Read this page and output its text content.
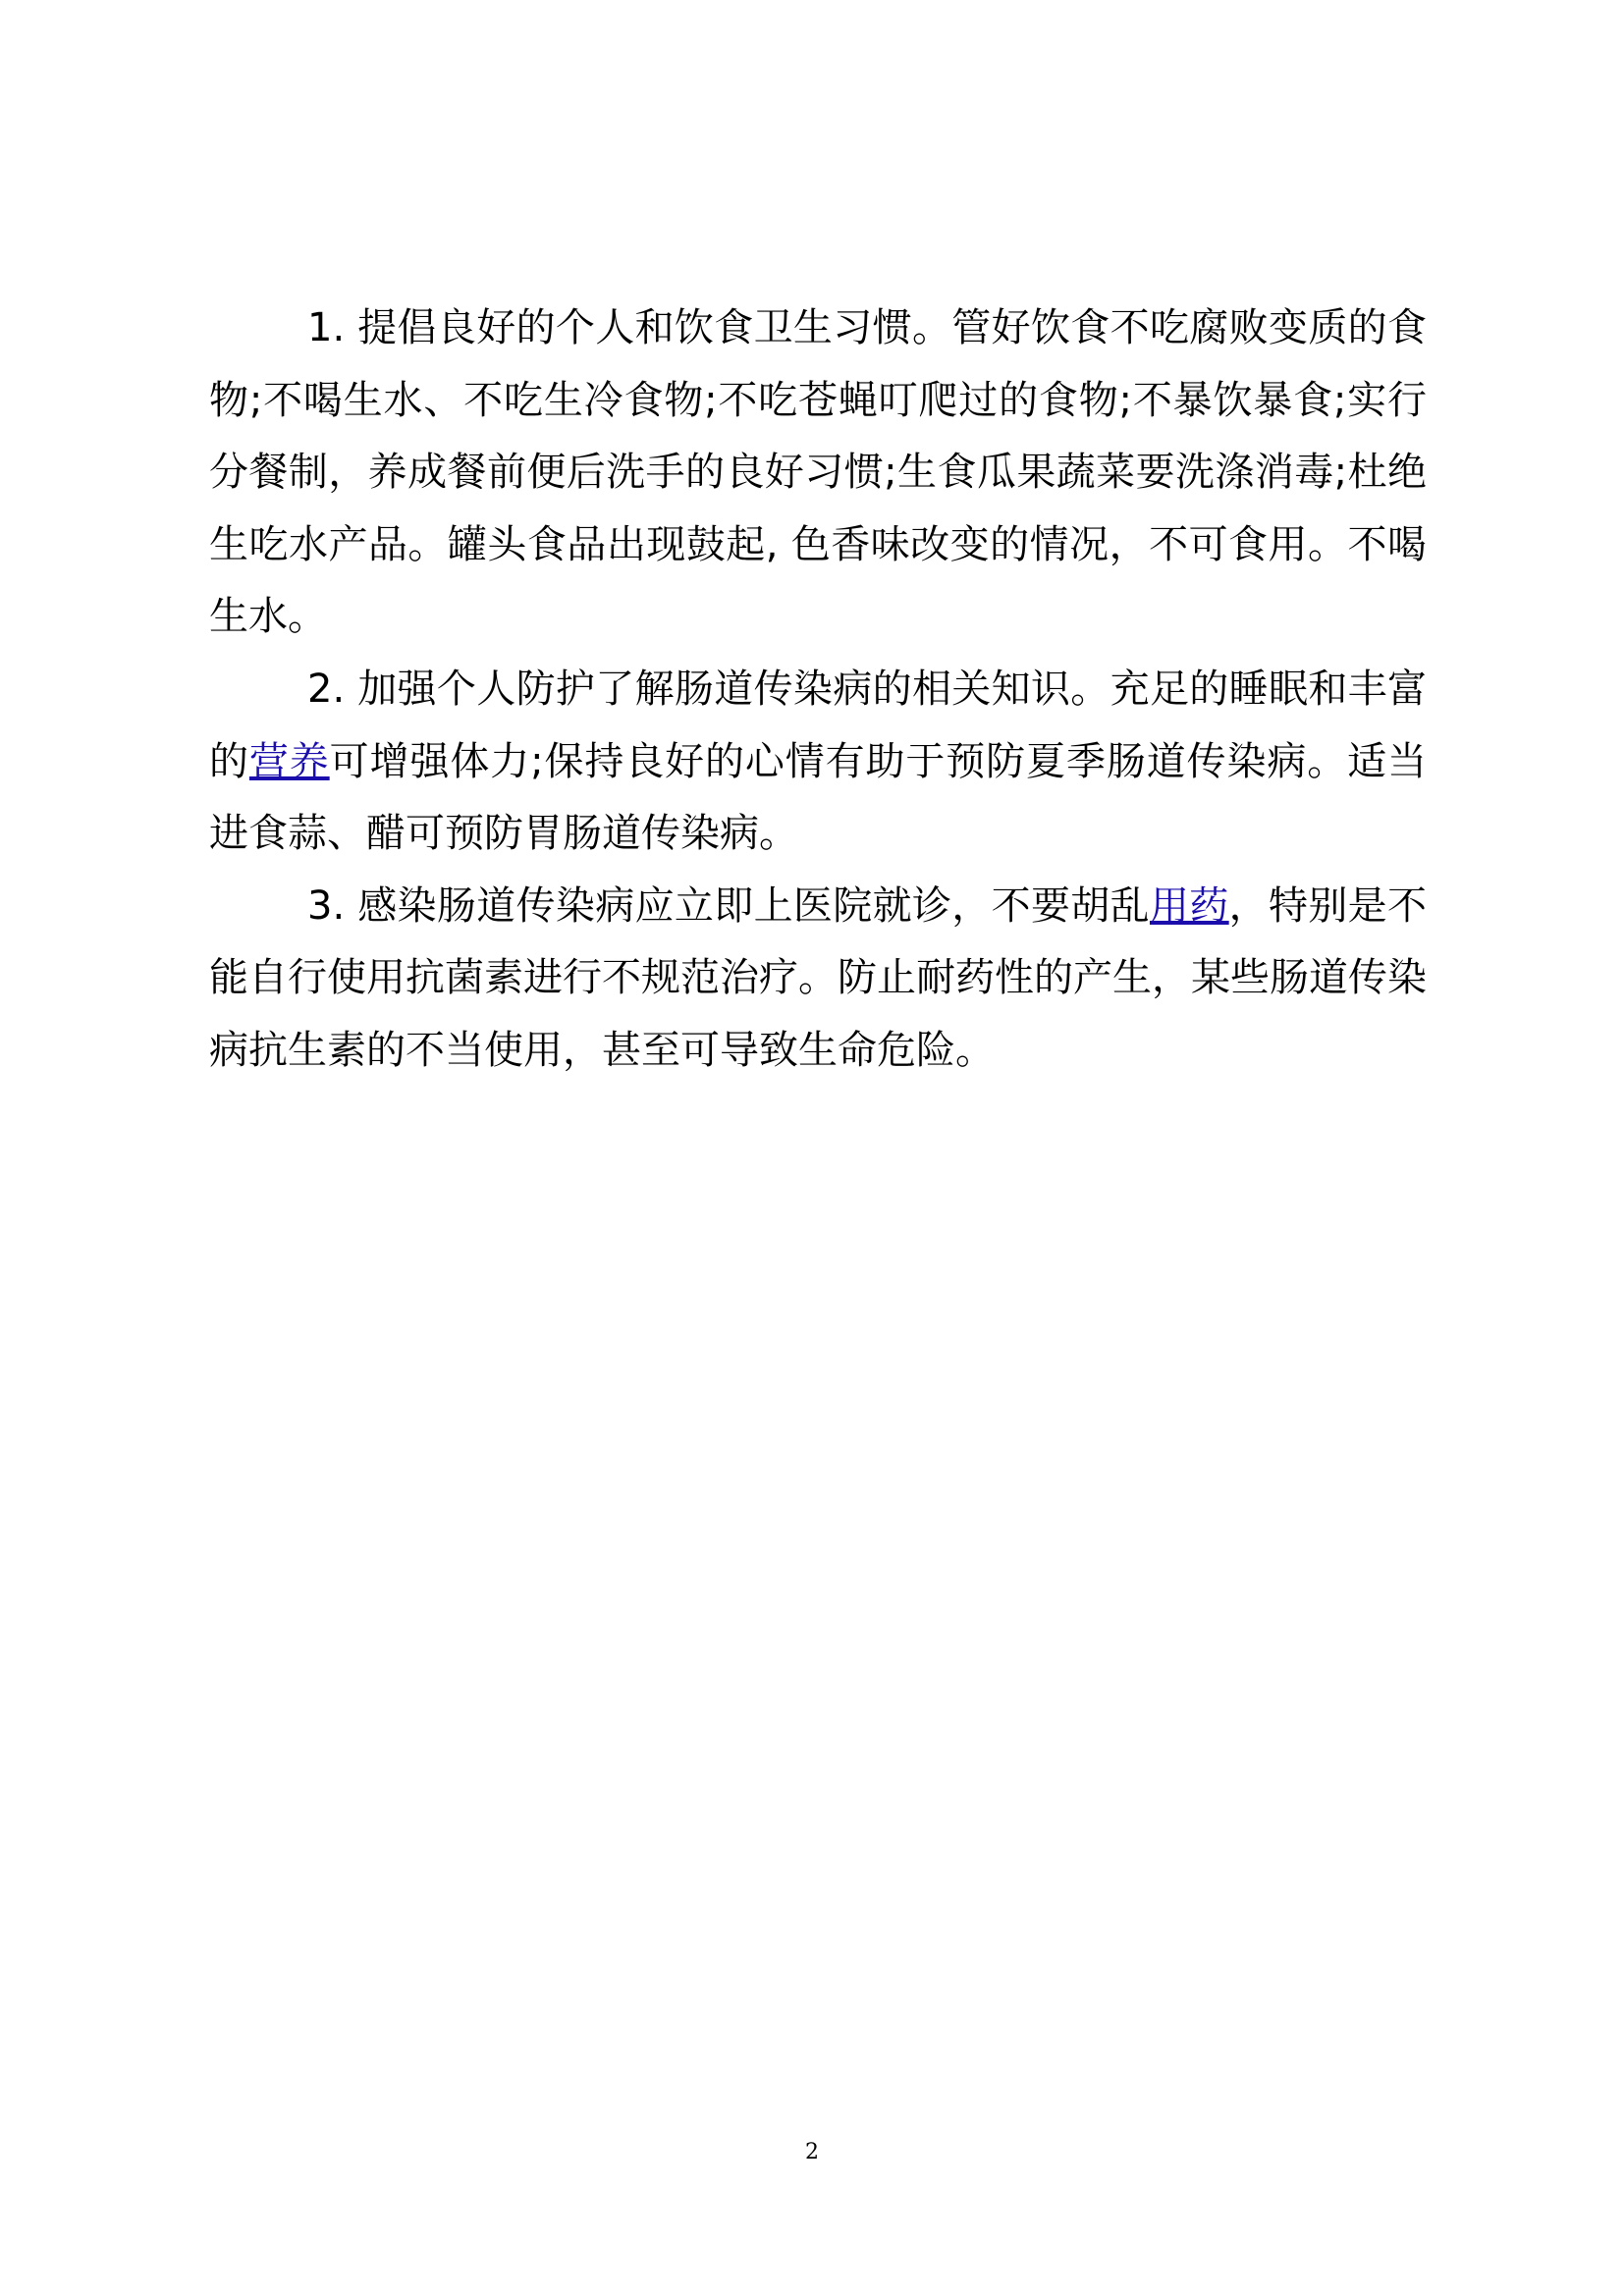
1. 提倡良好的个人和饮食卫生习惯。管好饮食不吃腐败变质的食物;不喝生水、不吃生冷食物;不吃苍蝇叮爬过的食物;不暴饮暴食;实行分餐制，养成餐前便后洗手的良好习惯;生食瓜果蔬菜要洗涤消毒;杜绝生吃水产品。罐头食品出现鼓起, 色香味改变的情况，不可食用。不喝生水。

2. 加强个人防护了解肠道传染病的相关知识。充足的睡眠和丰富的营养可增强体力;保持良好的心情有助于预防夏季肠道传染病。适当进食蒜、醋可预防胃肠道传染病。

3. 感染肠道传染病应立即上医院就诊，不要胡乱用药，特别是不能自行使用抗菌素进行不规范治疗。防止耐药性的产生，某些肠道传染病抗生素的不当使用，甚至可导致生命危险。

2
